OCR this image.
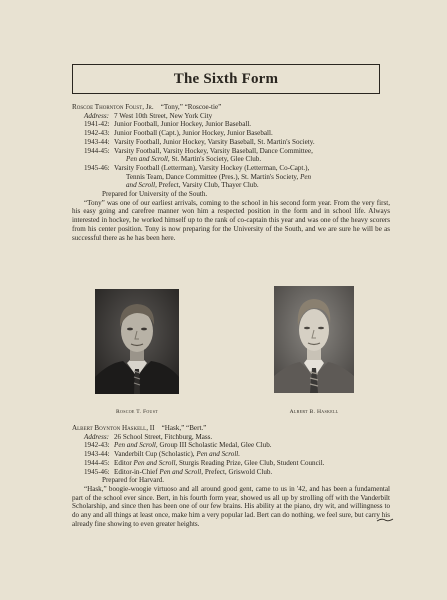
The Sixth Form
Roscoe Thornton Foust, Jr. “Tony,” “Roscoe-tie”
Address: 7 West 10th Street, New York City
1941-42: Junior Football, Junior Hockey, Junior Baseball.
1942-43: Junior Football (Capt.), Junior Hockey, Junior Baseball.
1943-44: Varsity Football, Junior Hockey, Varsity Baseball, St. Martin's Society.
1944-45: Varsity Football, Varsity Hockey, Varsity Baseball, Dance Committee,
Pen and Scroll, St. Martin's Society, Glee Club.
1945-46: Varsity Football (Letterman), Varsity Hockey (Letterman, Co-Capt.),
Tennis Team, Dance Committee (Pres.), St. Martin's Society, Pen
and Scroll, Prefect, Varsity Club, Thayer Club.
Prepared for University of the South.
“Tony” was one of our earliest arrivals, coming to the school in his second form year. From the very first, his easy going and carefree manner won him a respected position in the form and in school life. Always interested in hockey, he worked himself up to the rank of co-captain this year and was one of the heavy scorers from his center position. Tony is now preparing for the University of the South, and we are sure he will be as successful there as he has been here.
Roscoe T. Foust	Albert B. Haskell
Albert Boynton Haskell, II “Hask,” “Bert.”
Address: 26 School Street, Fitchburg, Mass.
1942-43: Pen and Scroll, Group III Scholastic Medal, Glee Club.
1943-44: Vanderbilt Cup (Scholastic), Pen and Scroll.
1944-45: Editor Pen and Scroll, Sturgis Reading Prize, Glee Club, Student Council.
1945-46: Editor-in-Chief Pen and Scroll, Prefect, Griswold Club.
Prepared for Harvard.
“Hask,” boogie-woogie virtuoso and all around good gent, came to us in '42, and has been a fundamental part of the school ever since. Bert, in his fourth form year, showed us all up by strolling off with the Vanderbilt Scholarship, and since then has been one of our few brains. His ability at the piano, dry wit, and willingness to do any and all things at least once, make him a very popular lad. Bert can do nothing, we feel sure, but carry his already fine showing to even greater heights.
